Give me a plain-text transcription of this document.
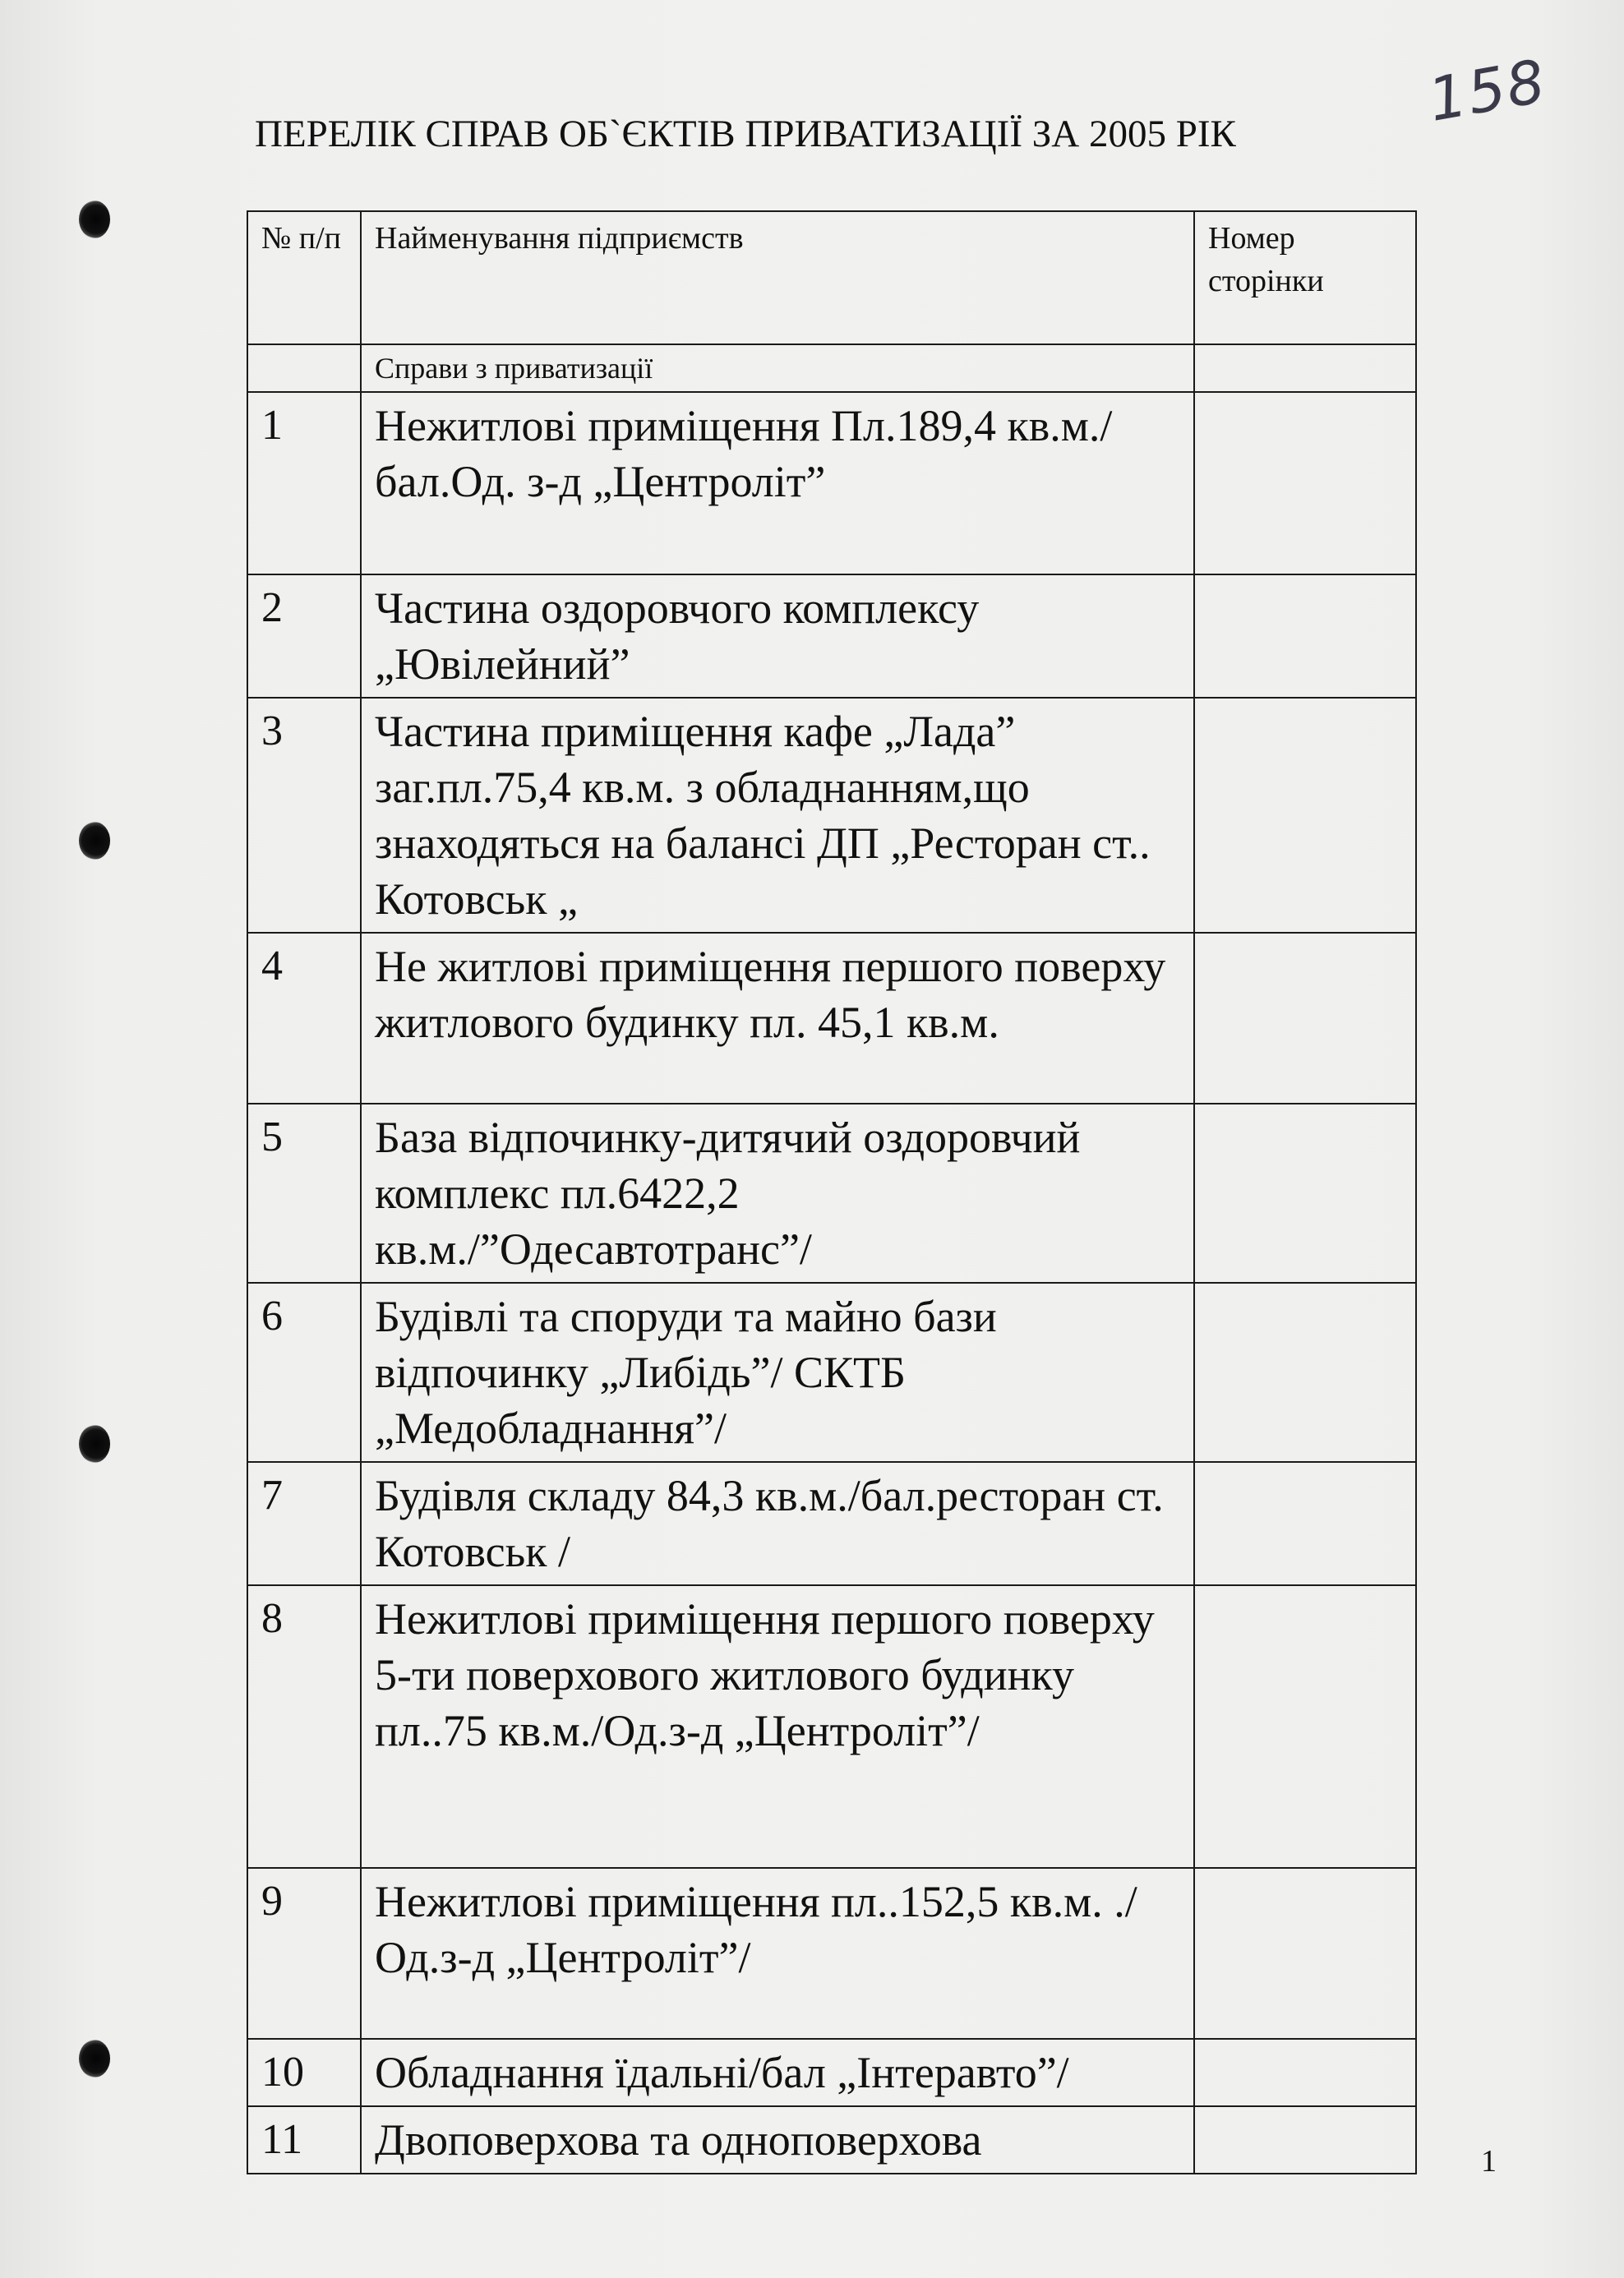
158
ПЕРЕЛІК СПРАВ ОБ`ЄКТІВ ПРИВАТИЗАЦІЇ ЗА 2005 РІК
№ п/п	Найменування підприємств	Номер сторінки
	Справи з приватизації	
1	Нежитлові приміщення Пл.189,4 кв.м./бал.Од. з-д „Центроліт”	
2	Частина оздоровчого комплексу „Ювілейний”	
3	Частина приміщення кафе „Лада” заг.пл.75,4 кв.м. з обладнанням,що знаходяться на балансі ДП „Ресторан ст.. Котовськ „	
4	Не житлові приміщення першого поверху житлового будинку пл. 45,1 кв.м.	
5	База відпочинку-дитячий оздоровчий комплекс пл.6422,2 кв.м./”Одесавтотранс”/	
6	Будівлі та споруди та майно бази відпочинку „Либідь”/ СКТБ „Медобладнання”/	
7	Будівля складу 84,3 кв.м./бал.ресторан ст. Котовськ /	
8	Нежитлові приміщення першого поверху 5-ти поверхового житлового будинку пл..75 кв.м./Од.з-д „Центроліт”/	
9	Нежитлові приміщення пл..152,5 кв.м. ./Од.з-д „Центроліт”/	
10	Обладнання їдальні/бал „Інтеравто”/	
11	Двоповерхова та одноповерхова		1
